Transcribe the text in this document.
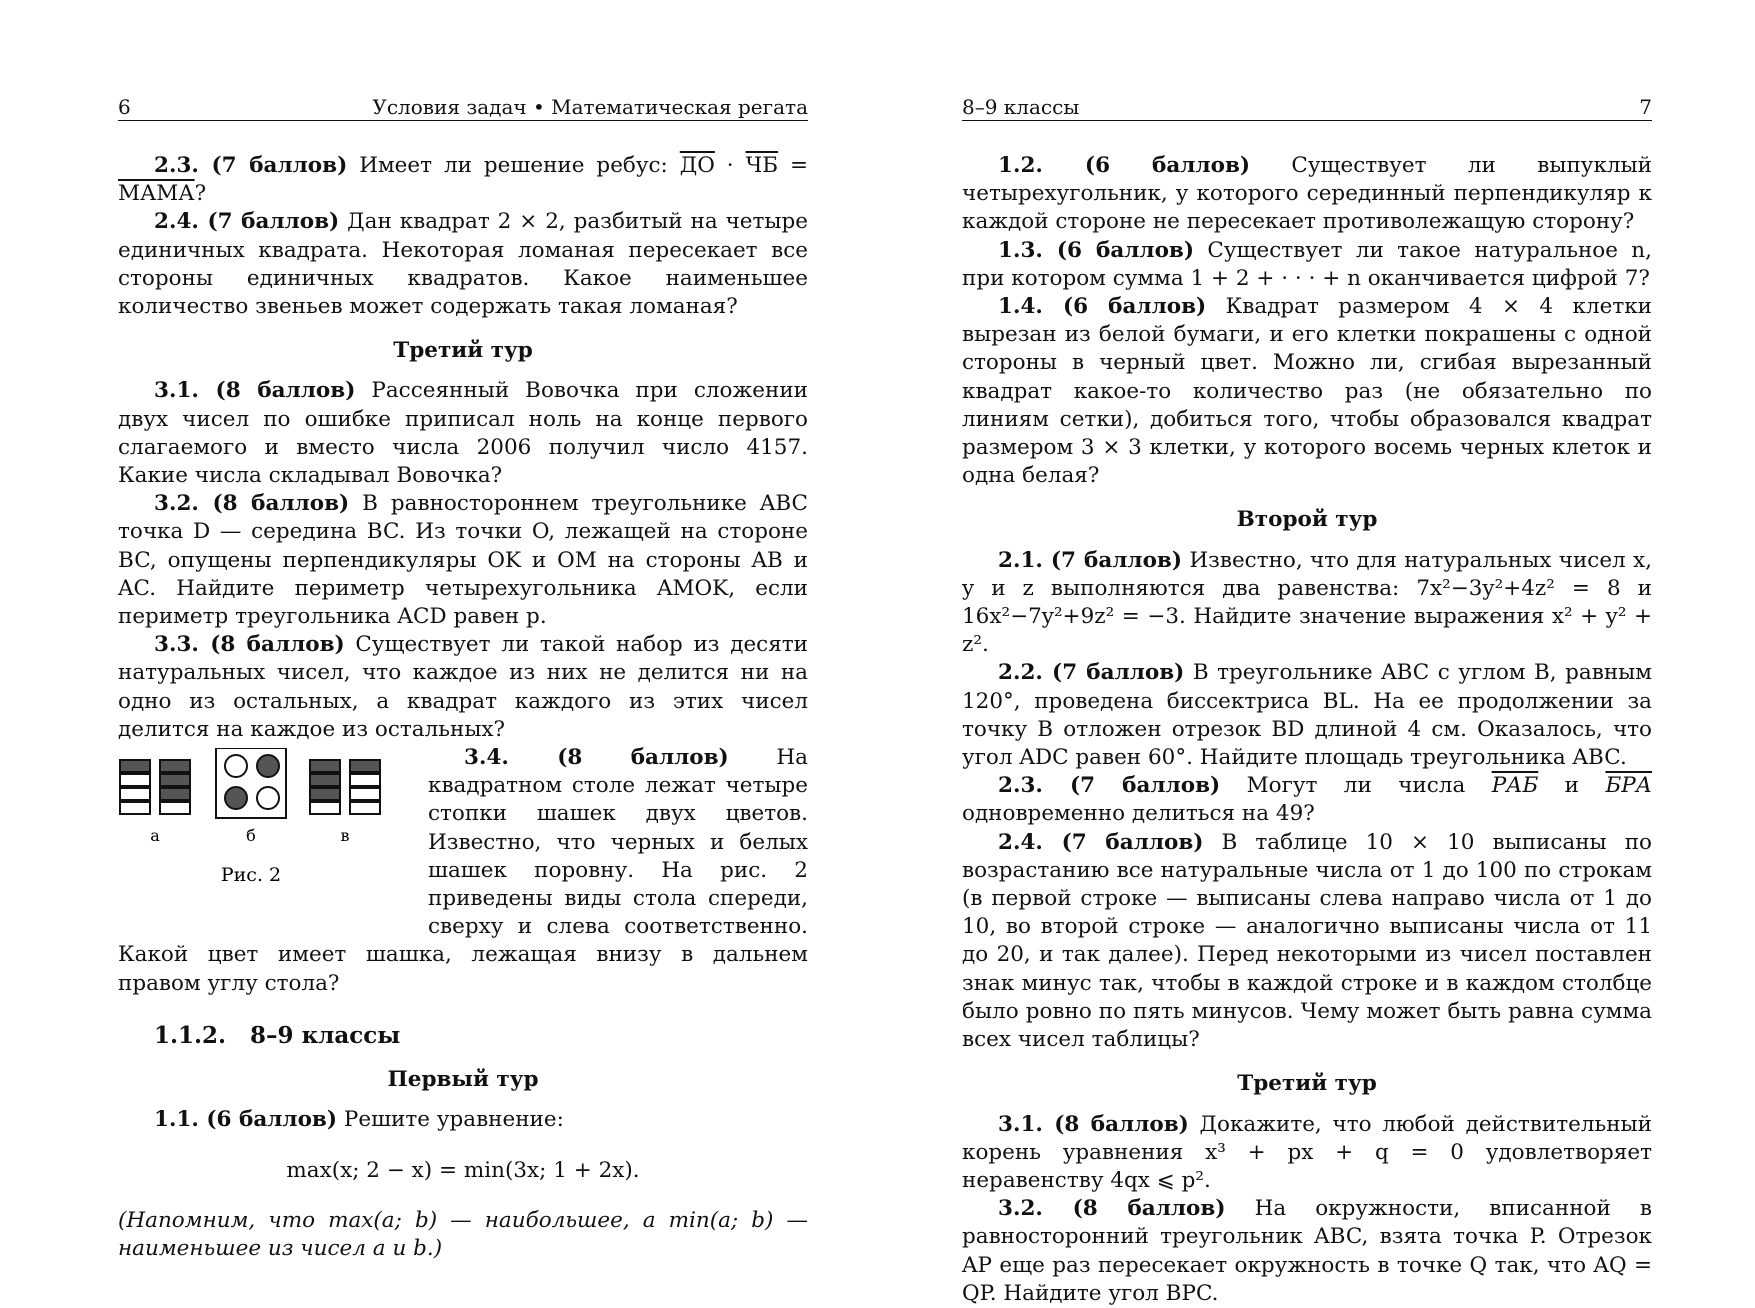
6	Условия задач • Математическая регата

2.3. (7 баллов) Имеет ли решение ребус: ДО · ЧБ = МАМА?

2.4. (7 баллов) Дан квадрат 2 × 2, разбитый на четыре единичных квадрата. Некоторая ломаная пересекает все стороны единичных квадратов. Какое наименьшее количество звеньев может содержать такая ломаная?

Третий тур

3.1. (8 баллов) Рассеянный Вовочка при сложении двух чисел по ошибке приписал ноль на конце первого слагаемого и вместо числа 2006 получил число 4157. Какие числа складывал Вовочка?

3.2. (8 баллов) В равностороннем треугольнике ABC точка D — середина BC. Из точки O, лежащей на стороне BC, опущены перпендикуляры OK и OM на стороны AB и AC. Найдите периметр четырехугольника AMOK, если периметр треугольника ACD равен p.

3.3. (8 баллов) Существует ли такой набор из десяти натуральных чисел, что каждое из них не делится ни на одно из остальных, а квадрат каждого из этих чисел делится на каждое из остальных?

а	б	в
Рис. 2

3.4. (8 баллов) На квадратном столе лежат четыре стопки шашек двух цветов. Известно, что черных и белых шашек поровну. На рис. 2 приведены виды стола спереди, сверху и слева соответственно. Какой цвет имеет шашка, лежащая внизу в дальнем правом углу стола?

1.1.2.   8–9 классы
Первый тур

1.1. (6 баллов) Решите уравнение:

max(x; 2 − x) = min(3x; 1 + 2x).

(Напомним, что max(a; b) — наибольшее, а min(a; b) — наименьшее из чисел a и b.)

8–9 классы	7

1.2. (6 баллов) Существует ли выпуклый четырехугольник, у которого серединный перпендикуляр к каждой стороне не пересекает противолежащую сторону?

1.3. (6 баллов) Существует ли такое натуральное n, при котором сумма 1 + 2 + · · · + n оканчивается цифрой 7?

1.4. (6 баллов) Квадрат размером 4 × 4 клетки вырезан из белой бумаги, и его клетки покрашены с одной стороны в черный цвет. Можно ли, сгибая вырезанный квадрат какое-то количество раз (не обязательно по линиям сетки), добиться того, чтобы образовался квадрат размером 3 × 3 клетки, у которого восемь черных клеток и одна белая?

Второй тур

2.1. (7 баллов) Известно, что для натуральных чисел x, y и z выполняются два равенства: 7x²−3y²+4z² = 8 и 16x²−7y²+9z² = −3. Найдите значение выражения x² + y² + z².

2.2. (7 баллов) В треугольнике ABC с углом B, равным 120°, проведена биссектриса BL. На ее продолжении за точку B отложен отрезок BD длиной 4 см. Оказалось, что угол ADC равен 60°. Найдите площадь треугольника ABC.

2.3. (7 баллов) Могут ли числа РАБ и БРА одновременно делиться на 49?

2.4. (7 баллов) В таблице 10 × 10 выписаны по возрастанию все натуральные числа от 1 до 100 по строкам (в первой строке — выписаны слева направо числа от 1 до 10, во второй строке — аналогично выписаны числа от 11 до 20, и так далее). Перед некоторыми из чисел поставлен знак минус так, чтобы в каждой строке и в каждом столбце было ровно по пять минусов. Чему может быть равна сумма всех чисел таблицы?

Третий тур

3.1. (8 баллов) Докажите, что любой действительный корень уравнения x³ + px + q = 0 удовлетворяет неравенству 4qx ⩽ p².

3.2. (8 баллов) На окружности, вписанной в равносторонний треугольник ABC, взята точка P. Отрезок AP еще раз пересекает окружность в точке Q так, что AQ = QP. Найдите угол BPC.
